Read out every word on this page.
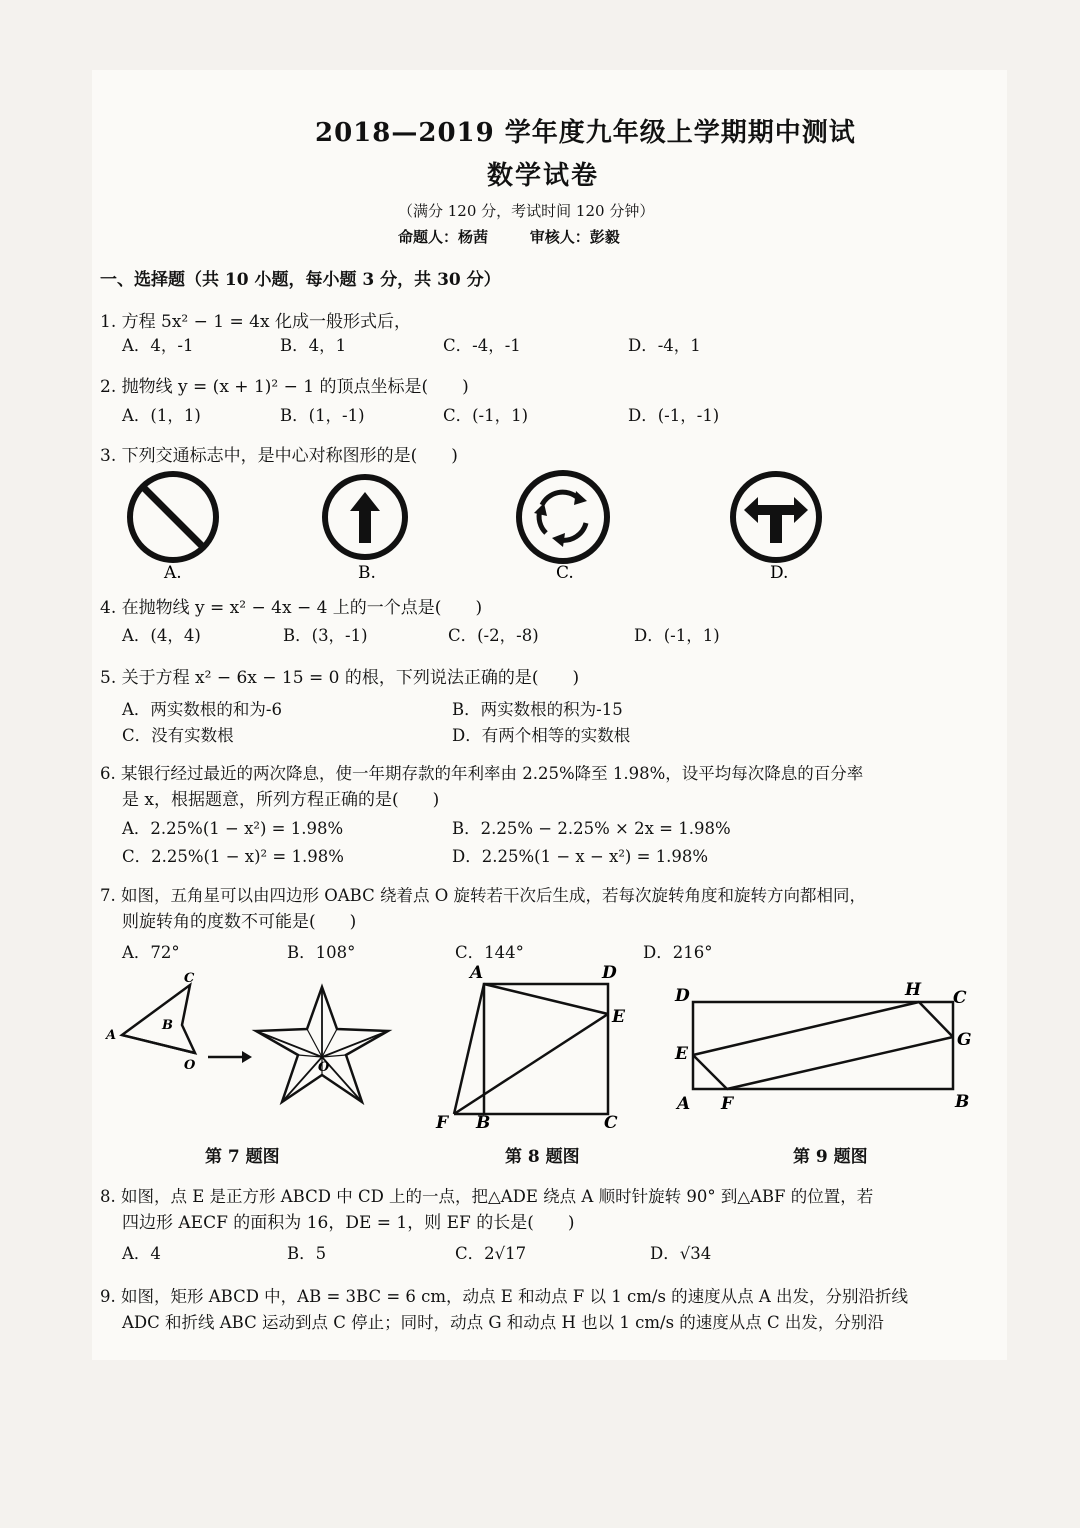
2018—2019 学年度九年级上学期期中测试
数学试卷
（满分 120 分，考试时间 120 分钟）
命题人：杨茜        审核人：彭毅
一、选择题（共 10 小题，每小题 3 分，共 30 分）
1. 方程 5x² − 1 = 4x 化成一般形式后，
A．4，-1	B．4，1	C．-4，-1	D．-4，1
2. 抛物线 y = (x + 1)² − 1 的顶点坐标是(　　)
A．(1，1)	B．(1，-1)	C．(-1，1)	D．(-1，-1)
3. 下列交通标志中，是中心对称图形的是(　　)
A.	B.	C.	D.
4. 在抛物线 y = x² − 4x − 4 上的一个点是(　　)
A．(4，4)	B．(3，-1)	C．(-2，-8)	D．(-1，1)
5. 关于方程 x² − 6x − 15 = 0 的根，下列说法正确的是(　　)
A．两实数根的和为-6	B．两实数根的积为-15
C．没有实数根	D．有两个相等的实数根
6. 某银行经过最近的两次降息，使一年期存款的年利率由 2.25%降至 1.98%，设平均每次降息的百分率
是 x，根据题意，所列方程正确的是(　　)
A．2.25%(1 − x²) = 1.98%	B．2.25% − 2.25% × 2x = 1.98%
C．2.25%(1 − x)² = 1.98%	D．2.25%(1 − x − x²) = 1.98%
7. 如图，五角星可以由四边形 OABC 绕着点 O 旋转若干次后生成，若每次旋转角度和旋转方向都相同，
则旋转角的度数不可能是(　　)
A．72°	B．108°	C．144°	D．216°
A
B
C
O	O
第 7 题图
A	D
E
F B	C
第 8 题图
D	H C
G
E
A F	B
第 9 题图
8. 如图，点 E 是正方形 ABCD 中 CD 上的一点，把△ADE 绕点 A 顺时针旋转 90° 到△ABF 的位置，若
四边形 AECF 的面积为 16，DE = 1，则 EF 的长是(　　)
A．4	B．5	C．2√17	D．√34
9. 如图，矩形 ABCD 中，AB = 3BC = 6 cm，动点 E 和动点 F 以 1 cm/s 的速度从点 A 出发，分别沿折线
ADC 和折线 ABC 运动到点 C 停止；同时，动点 G 和动点 H 也以 1 cm/s 的速度从点 C 出发，分别沿
